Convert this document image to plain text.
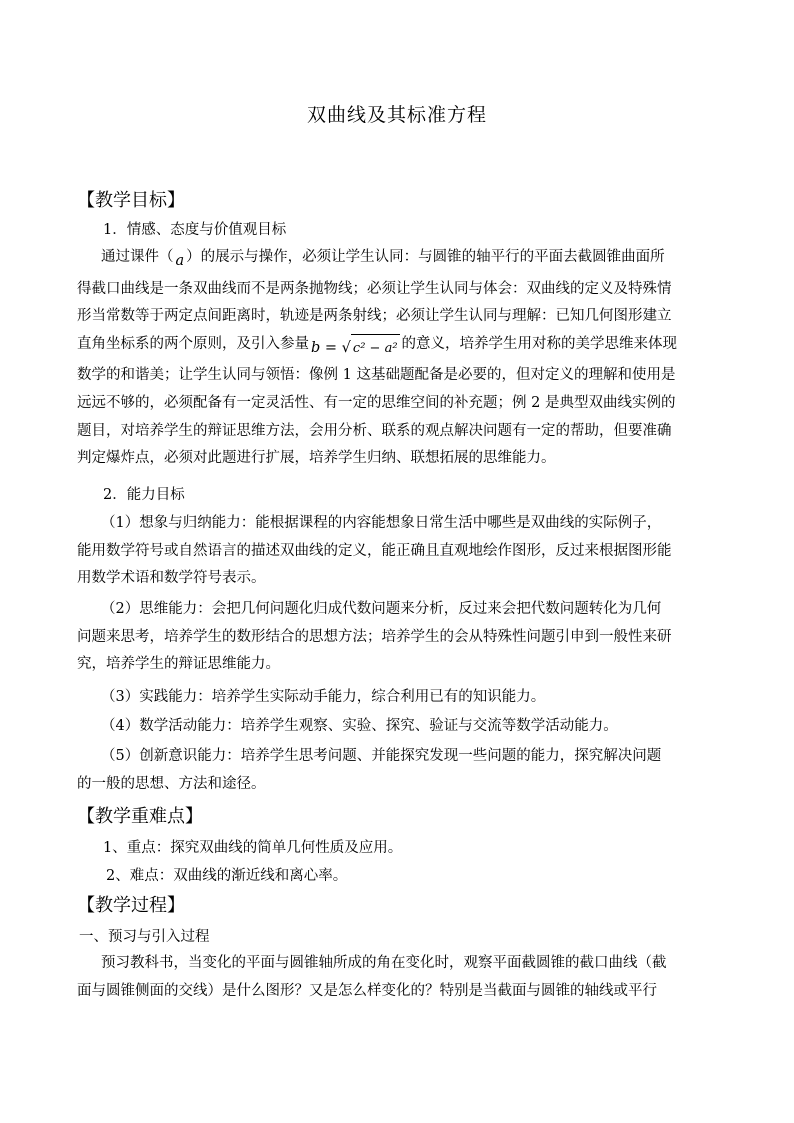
双曲线及其标准方程
【教学目标】
1．情感、态度与价值观目标
通过课件（ a ）的展示与操作，必须让学生认同：与圆锥的轴平行的平面去截圆锥曲面所
得截口曲线是一条双曲线而不是两条抛物线；必须让学生认同与体会：双曲线的定义及特殊情
形当常数等于两定点间距离时，轨迹是两条射线；必须让学生认同与理解：已知几何图形建立
直角坐标系的两个原则，及引入参量 b = √ c² − a² 的意义，培养学生用对称的美学思维来体现
数学的和谐美；让学生认同与领悟：像例 1 这基础题配备是必要的，但对定义的理解和使用是
远远不够的，必须配备有一定灵活性、有一定的思维空间的补充题；例 2 是典型双曲线实例的
题目，对培养学生的辩证思维方法，会用分析、联系的观点解决问题有一定的帮助，但要准确
判定爆炸点，必须对此题进行扩展，培养学生归纳、联想拓展的思维能力。
2．能力目标
（1）想象与归纳能力：能根据课程的内容能想象日常生活中哪些是双曲线的实际例子，
能用数学符号或自然语言的描述双曲线的定义，能正确且直观地绘作图形，反过来根据图形能
用数学术语和数学符号表示。
（2）思维能力：会把几何问题化归成代数问题来分析，反过来会把代数问题转化为几何
问题来思考，培养学生的数形结合的思想方法；培养学生的会从特殊性问题引申到一般性来研
究，培养学生的辩证思维能力。
（3）实践能力：培养学生实际动手能力，综合利用已有的知识能力。
（4）数学活动能力：培养学生观察、实验、探究、验证与交流等数学活动能力。
（5）创新意识能力：培养学生思考问题、并能探究发现一些问题的能力，探究解决问题
的一般的思想、方法和途径。
【教学重难点】
1、重点：探究双曲线的简单几何性质及应用。
2、难点：双曲线的渐近线和离心率。
【教学过程】
一、预习与引入过程
预习教科书，当变化的平面与圆锥轴所成的角在变化时，观察平面截圆锥的截口曲线（截
面与圆锥侧面的交线）是什么图形？又是怎么样变化的？特别是当截面与圆锥的轴线或平行
